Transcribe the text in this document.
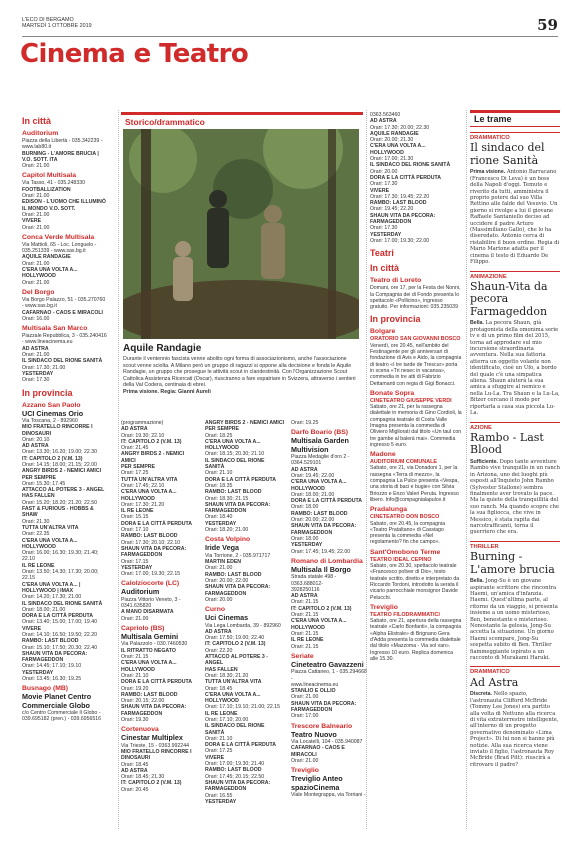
L'ECO DI BERGAMO
MARTEDÌ 1 OTTOBRE 2019	59
Cinema e Teatro

In città

Auditorium

Piazza della Libertà - 035.342239 -

www.lab80.it

BURNING - L'AMORE BRUCIA |

V.O. SOTT. ITA

Orari: 21.00

Capitol Multisala

Via Tasso, 41 - 035.248330

FOOTBALLIZATION

Orari: 21.00

EDISON - L'UOMO CHE ILLUMINÒ

IL MONDO V.O. SOTT.

Orari: 21.00

VIVERE

Orari: 21.00

Conca Verde Multisala

Via Mattioli, 65 - Loc. Longuelo -

035.251339 - www.sas.bg.it

AQUILE RANDAGIE

Orari: 21.00

C'ERA UNA VOLTA A...

HOLLYWOOD

Orari: 21.00

Del Borgo

Via Borgo Palazzo, 51 - 035.270760

- www.sas.bg.it

CAFARNAO - CAOS E MIRACOLI

Orari: 16.00

Multisala San Marco

Piazzale Repubblica, 3 - 035.240416

- www.lineacinema.eu

AD ASTRA

Orari: 21.00

IL SINDACO DEL RIONE SANITÀ

Orari: 17.30; 21.00

YESTERDAY

Orari: 17.30

In provincia

Azzano San Paolo

UCI Cinemas Orio

Via Toscana, 2 - 892960

MIO FRATELLO RINCORRE I

DINOSAURI

Orari: 20.10

AD ASTRA

Orari: 13.30; 16.20; 19.00; 22.30

IT: CAPITOLO 2 (V.M. 13)

Orari: 14.15; 18.00; 21.15; 22.00

ANGRY BIRDS 2 - NEMICI AMICI

PER SEMPRE

Orari: 15.30; 17.45

ATTACCO AL POTERE 3 - ANGEL

HAS FALLEN

Orari: 15.20; 18.20; 21.20; 22.50

FAST & FURIOUS - HOBBS &

SHAW

Orari: 21.30

TUTTA UN'ALTRA VITA

Orari: 22.35

C'ERA UNA VOLTA A...

HOLLYWOOD

Orari: 16.00; 16.30; 19.30; 21.40;

22.10

IL RE LEONE

Orari: 13.50; 14.30; 17.30; 20.00;

22.15

C'ERA UNA VOLTA A... |

HOLLYWOOD | IMAX

Orari: 14.20; 17.30; 21.00

IL SINDACO DEL RIONE SANITÀ

Orari: 18.00; 21.00

DORA E LA CITTÀ PERDUTA

Orari: 13.40; 15.00; 17.00; 19.40

VIVERE

Orari: 14.10; 16.50; 19.50; 22.20

RAMBO: LAST BLOOD

Orari: 15.10; 17.50; 20.30; 22.40

SHAUN VITA DA PECORA:

FARMAGEDDON

Orari: 14.45; 17.10; 19.10

YESTERDAY

Orari: 13.45; 16.30; 19.25

Busnago (MB)

Movie Planet Centro Commerciale Globo

c/o Centro Commerciale Il Globo -

039.695182 (pren.) - 039.6956516

Storico/drammatico
Aquile Randagie
Durante il ventennio fascista venne abolito ogni forma di associazionismo, anche l'associazione scout venne sciolta. A Milano però un gruppo di ragazzi si oppone alla decisione e fonda le Aquile Randagie, un gruppo che prosegue le attività scout in clandestinità. Con l'Organizzazione Scout Cattolica Assistenza Ricercati (Oscar), riusciranno a fare espatriare in Svizzera, attraverso i sentieri della Val Codera, centinaia di ebrei.
Prima visione. Regia: Gianni Aureli

(programmazione)

AD ASTRA

Orari: 19.30; 22.10

IT: CAPITOLO 2 (V.M. 13)

Orari: 21.45

ANGRY BIRDS 2 - NEMICI AMICI

PER SEMPRE

Orari: 17.25

TUTTA UN'ALTRA VITA

Orari: 17.45; 22.10

C'ERA UNA VOLTA A...

HOLLYWOOD

Orari: 17.30; 21.20

IL RE LEONE

Orari: 15.15

DORA E LA CITTÀ PERDUTA

Orari: 17.10

RAMBO: LAST BLOOD

Orari: 17.30; 20.10; 22.10

SHAUN VITA DA PECORA:

FARMAGEDDON

Orari: 17.15

YESTERDAY

Orari: 17.00; 19.30; 22.15

Calolziocorte (LC)

Auditorium

Piazza Vittorio Veneto, 3 -

0341.635820

A MANO DISARMATA

Orari: 21.00

Capriolo (BS)

Multisala Gemini

Via Palazzolo - 030.7460530

IL RITRATTO NEGATO

Orari: 21.15

C'ERA UNA VOLTA A...

HOLLYWOOD

Orari: 21.10

DORA E LA CITTÀ PERDUTA

Orari: 19.20

RAMBO: LAST BLOOD

Orari: 20.15; 22.00

SHAUN VITA DA PECORA:

FARMAGEDDON

Orari: 19.30

Cortenuova

Cinestar Multiplex

Via Trieste, 15 - 0363.992244

MIO FRATELLO RINCORRE I

DINOSAURI

Orari: 18.45

AD ASTRA

Orari: 18.45; 21.30

IT: CAPITOLO 2 (V.M. 13)

Orari: 20.45

ANGRY BIRDS 2 - NEMICI AMICI

PER SEMPRE

Orari: 18.25

C'ERA UNA VOLTA A...

HOLLYWOOD

Orari: 18.15; 20.30; 21.10

IL SINDACO DEL RIONE SANITÀ

Orari: 21.10

DORA E LA CITTÀ PERDUTA

Orari: 18.35

RAMBO: LAST BLOOD

Orari: 18.30; 21.15

SHAUN VITA DA PECORA:

FARMAGEDDON

Orari: 18.40

YESTERDAY

Orari: 18.20; 21.00

Costa Volpino

Iride Vega

Via Torrione, 2 - 035.971717

MARTIN EDEN

Orari: 21.00

RAMBO: LAST BLOOD

Orari: 20.00; 22.00

SHAUN VITA DA PECORA:

FARMAGEDDON

Orari: 20.00

Curno

Uci Cinemas

Via Lega Lombarda, 39 - 892960

AD ASTRA

Orari: 17.50; 19.00; 22.40

IT: CAPITOLO 2 (V.M. 13)

Orari: 22.20

ATTACCO AL POTERE 3 - ANGEL

HAS FALLEN

Orari: 18.30; 21.20

TUTTA UN'ALTRA VITA

Orari: 18.45

C'ERA UNA VOLTA A...

HOLLYWOOD

Orari: 17.10; 19.10; 21.00; 22.15

IL RE LEONE

Orari: 17.10; 20.00

IL SINDACO DEL RIONE SANITÀ

Orari: 21.10

DORA E LA CITTÀ PERDUTA

Orari: 17.25

VIVERE

Orari: 17.00; 19.30; 21.40

RAMBO: LAST BLOOD

Orari: 17.45; 20.15; 22.50

SHAUN VITA DA PECORA:

FARMAGEDDON

Orari: 16.55

YESTERDAY

Orari: 19.25

Darfo Boario (BS)

Multisala Garden Multivision

Piazza Medaglie d'oro 2 -

0364.529101

AD ASTRA

Orari: 19.45; 22.00

C'ERA UNA VOLTA A...

HOLLYWOOD

Orari: 18.00; 21.00

DORA E LA CITTÀ PERDUTA

Orari: 18.00

RAMBO: LAST BLOOD

Orari: 20.00; 22.00

SHAUN VITA DA PECORA:

FARMAGEDDON

Orari: 18.00

YESTERDAY

Orari: 17.45; 19.45; 22.00

Romano di Lombardia

Multisala Il Borgo

Strada statale 498 - 0363.688012-

3928250116

AD ASTRA

Orari: 21.15

IT: CAPITOLO 2 (V.M. 13)

Orari: 21.15

C'ERA UNA VOLTA A...

HOLLYWOOD

Orari: 21.15

IL RE LEONE

Orari: 21.15

Seriate

Cineteatro Gavazzeni

Piazza Cattaneo, 1 - 035.294668 -

www.lineacinema.eu

STANLIO E OLLIO

Orari: 21.00

SHAUN VITA DA PECORA:

FARMAGEDDON

Orari: 17.00

Trescore Balneario

Teatro Nuovo

Via Locatelli, 104 - 035.940087

CAFARNAO - CAOS E MIRACOLI

Orari: 21.00

Treviglio

Treviglio Anteo spazioCinema

Viale Montegrappa, via Torriani -

0363.563460

AD ASTRA

Orari: 17.30; 20.00; 22.30

AQUILE RANDAGIE

Orari: 20.00; 21.30

C'ERA UNA VOLTA A...

HOLLYWOOD

Orari: 17.00; 21.30

IL SINDACO DEL RIONE SANITÀ

Orari: 20.00

DORA E LA CITTÀ PERDUTA

Orari: 17.30

VIVERE

Orari: 17.30; 19.45; 22.20

RAMBO: LAST BLOOD

Orari: 19.45; 22.20

SHAUN VITA DA PECORA:

FARMAGEDDON

Orari: 17.30

YESTERDAY

Orari: 17.00; 19.30; 22.00

Teatri

In città

Teatro di Loreto

Domani, ore 17, per la Festa dei Nonni, la Compagnia dei di Fondo presenta lo spettacolo «Pollicino», ingresso gratuito. Per informazioni: 035.235039

In provincia

Bolgare

ORATORIO SAN GIOVANNI BOSCO

Venerdì, ore 20.45, nell'ambito del Festinagente per gli anniversari di fondazione di Avis e Aido, la compagnia di teatro «I tre tarde de Trescur» porta in scena «Tri nesec in vacansa», commedia in tre atti di Fabrizio Dettamanti con regia di Gigi Bonacci.

Bonate Sopra

CINETEATRO GIUSEPPE VERDI

Sabato, ore 21, per la rassegna dialettale in memoria di Gino Cordioli, la compagnia teatrale di Costa Valle Imagna presenta la commedia di Oliviero Migliorati dal titolo «Un taul con tre gambe al balerà mai». Commedia ingresso 5 euro.

Madone

AUDITORIUM COMUNALE

Sabato, ore 21, via Donadoni 1, per la rassegna «Terra di mezzo», la compagnia La Pulce presenta «Vespa, una storia di baci e bugie» con Silvia Briozzo e Enzo Valeri Peruta. Ingresso libero. Info@compagnialapulce.it

Pradalunga

CINETEATRO DON BOSCO

Sabato, ore 20.45, la compagnia «Teatro Prataltano» di Cassiago presenta la commedia «Nel regolamento? fin che campo».

Sant'Omobono Terme

TEATRO IDEAL CEPINO

Sabato, ore 20.30, spettacolo teatrale «Francesco poliver di Dio», testo teatrale scritto, diretto e interpretato da Riccardo Tordoni, introdotto la serata il vicario parrocchiale monsignor Davide Pelucchi.

Treviglio

TEATRO FILODRAMMATICI

Sabato, ore 21, apertura della rassegna teatrale «Carlo Bonfanti», la compagnia «Alpha Elistrale» di Brignano Gera d'Adda presenta la commedia dialettale dal titolo «Mazzoma - Via sol van». Ingresso 10 euro. Replica domenica alle 15.30.

Le trame
DRAMMATICO
Il sindaco del rione Sanità
Prima visione. Antonio Barracano (Francesco Di Leva) è un boss della Napoli d'oggi. Temuto e riverito da tutti, amministra il proprio potere dal suo Villa Rettino alle falde del Vesuvio. Un giorno si rivolge a lui il giovane Raffaele Santaniello deciso ad uccidere il padre Arturo (Massimiliano Gallo), che lo ha diseredato. Antonio cerca di ristabilire il buon ordine. Regia di Mario Martone adatta per il cinema il testo di Eduardo De Filippo.
ANIMAZIONE
Shaun-Vita da pecora Farmageddon
Bella. La pecora Shaun, già protagonista della omonima serie tv e di un primo film del 2015, torna ad approdare sul mio incursione straordinaria avventura. Nella sua fattoria atterra un oggetto volante non identificato, cioè un Ufo, a bordo del quale c'è una simpatica aliena. Shaun aiuterà la sua amica a sfuggire al nemico e nella Lu-La. Tra Shaun e la Lu-La, Bitzer cercano il modo per riportarla a casa sua piccola Lu-La.
AZIONE
Rambo - Last Blood
Sufficiente. Dopo tante avventure Rambo vive tranquillo in un ranch in Arizona, uno dei luoghi più esposti all'Inquieto John Rambo (Sylvester Stallone) sembra finalmente aver trovato la pace. Ma la quiete della tranquillità del suo ranch. Ma quando scopre che la sua figliocca, che vive in Messico, è stata rapita dai narcotrafficanti, torna il guerriero che era.
THRILLER
Burning - L'amore brucia
Bella. Jong-Su è un giovane aspirante scrittore che rincontra Haemi, un'amica d'infanzia. Haemi. Quest'ultima parte, al ritorno da un viaggio, si presenta insieme a un uomo misterioso, Ben, benestante e misterioso. Nonostante la gelosia, Jong-Su accetta la situazione. Un giorno Haemi scompare, Jong-Su sospetta subito di Ben. Thriller fiammeggiante ispirato a un racconto di Murakami Haruki.
DRAMMATICO
Ad Astra
Discreta. Nello spazio, l'astronauta Clifford McBride (Tommy Lee Jones) era partito alla volta di Nettuno alla ricerca di vita extraterrestre intelligente, all'interno di un progetto governativo denominato «Lima Project». Di lui non si hanno più notizie. Alla sua ricerca viene inviato il figlio, l'astronauta Roy McBride (Brad Pitt): riuscirà a ritrovare il padre?
